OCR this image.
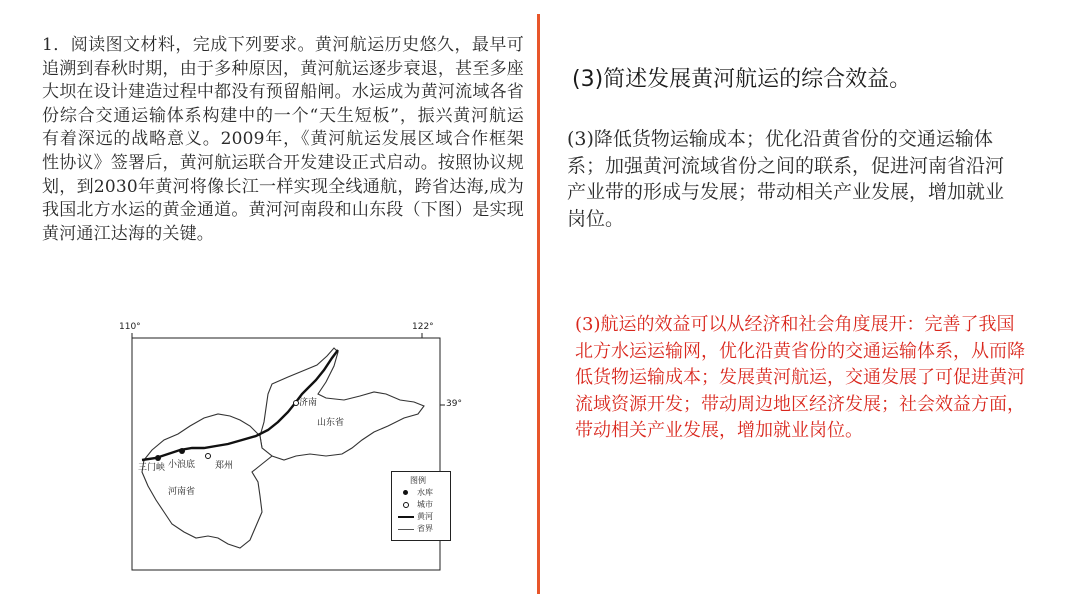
1．阅读图文材料，完成下列要求。黄河航运历史悠久，最早可追溯到春秋时期，由于多种原因，黄河航运逐步衰退，甚至多座大坝在设计建造过程中都没有预留船闸。水运成为黄河流域各省份综合交通运输体系构建中的一个“天生短板”，振兴黄河航运有着深远的战略意义。2009年，《黄河航运发展区域合作框架性协议》签署后，黄河航运联合开发建设正式启动。按照协议规划，到2030年黄河将像长江一样实现全线通航，跨省达海,成为我国北方水运的黄金通道。黄河河南段和山东段（下图）是实现黄河通江达海的关键。
110°	122°
39°
济南
山东省
三门峡 小浪底 郑州
河南省
图例
水库
城市
黄河
省界
(3)简述发展黄河航运的综合效益。
(3)降低货物运输成本；优化沿黄省份的交通运输体系；加强黄河流域省份之间的联系，促进河南省沿河产业带的形成与发展；带动相关产业发展，增加就业岗位。
(3)航运的效益可以从经济和社会角度展开：完善了我国北方水运运输网，优化沿黄省份的交通运输体系，从而降低货物运输成本；发展黄河航运，交通发展了可促进黄河流域资源开发；带动周边地区经济发展；社会效益方面，带动相关产业发展，增加就业岗位。
